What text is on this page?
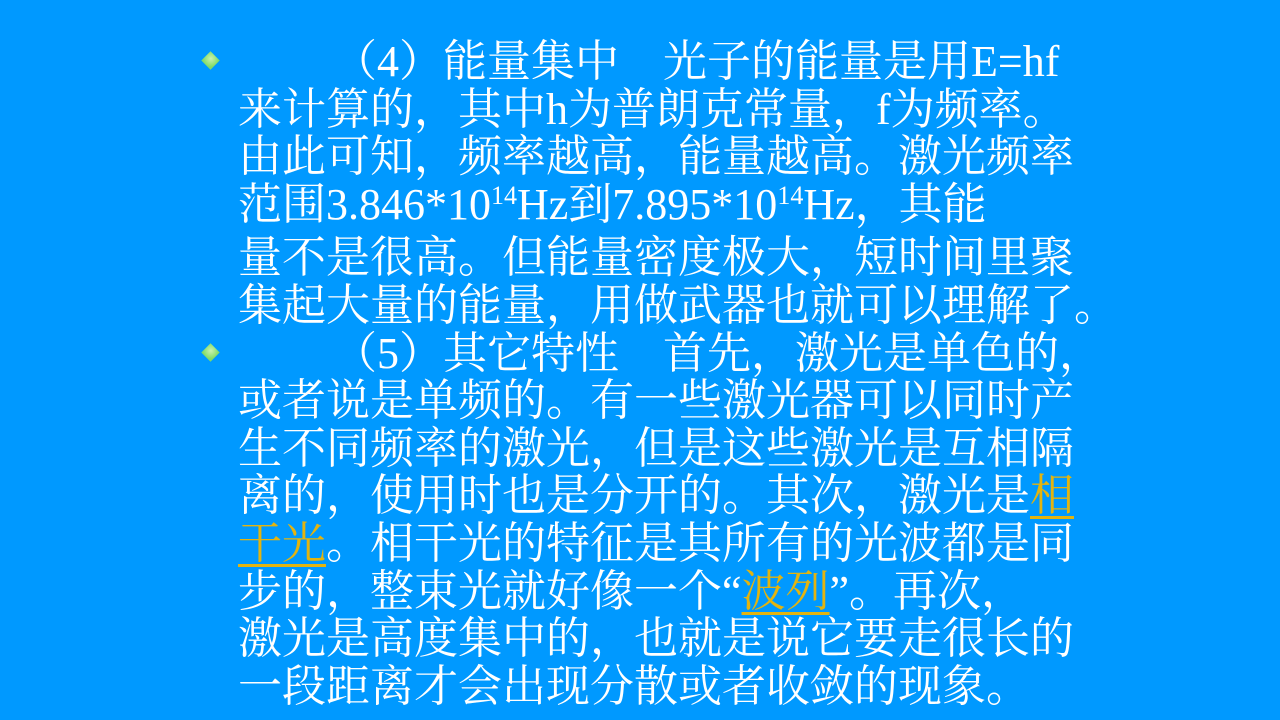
（4）能量集中　光子的能量是用E=hf
来计算的，其中h为普朗克常量，f为频率。
由此可知，频率越高，能量越高。激光频率
范围$3.846*10^{14}Hz$到$7.895*10^{14}Hz$，其能
量不是很高。但能量密度极大，短时间里聚
集起大量的能量，用做武器也就可以理解了。
（5）其它特性　首先，激光是单色的，
或者说是单频的。有一些激光器可以同时产
生不同频率的激光，但是这些激光是互相隔
离的，使用时也是分开的。其次，激光是相
干光。相干光的特征是其所有的光波都是同
步的，整束光就好像一个“波列”。再次，
激光是高度集中的，也就是说它要走很长的
一段距离才会出现分散或者收敛的现象。
